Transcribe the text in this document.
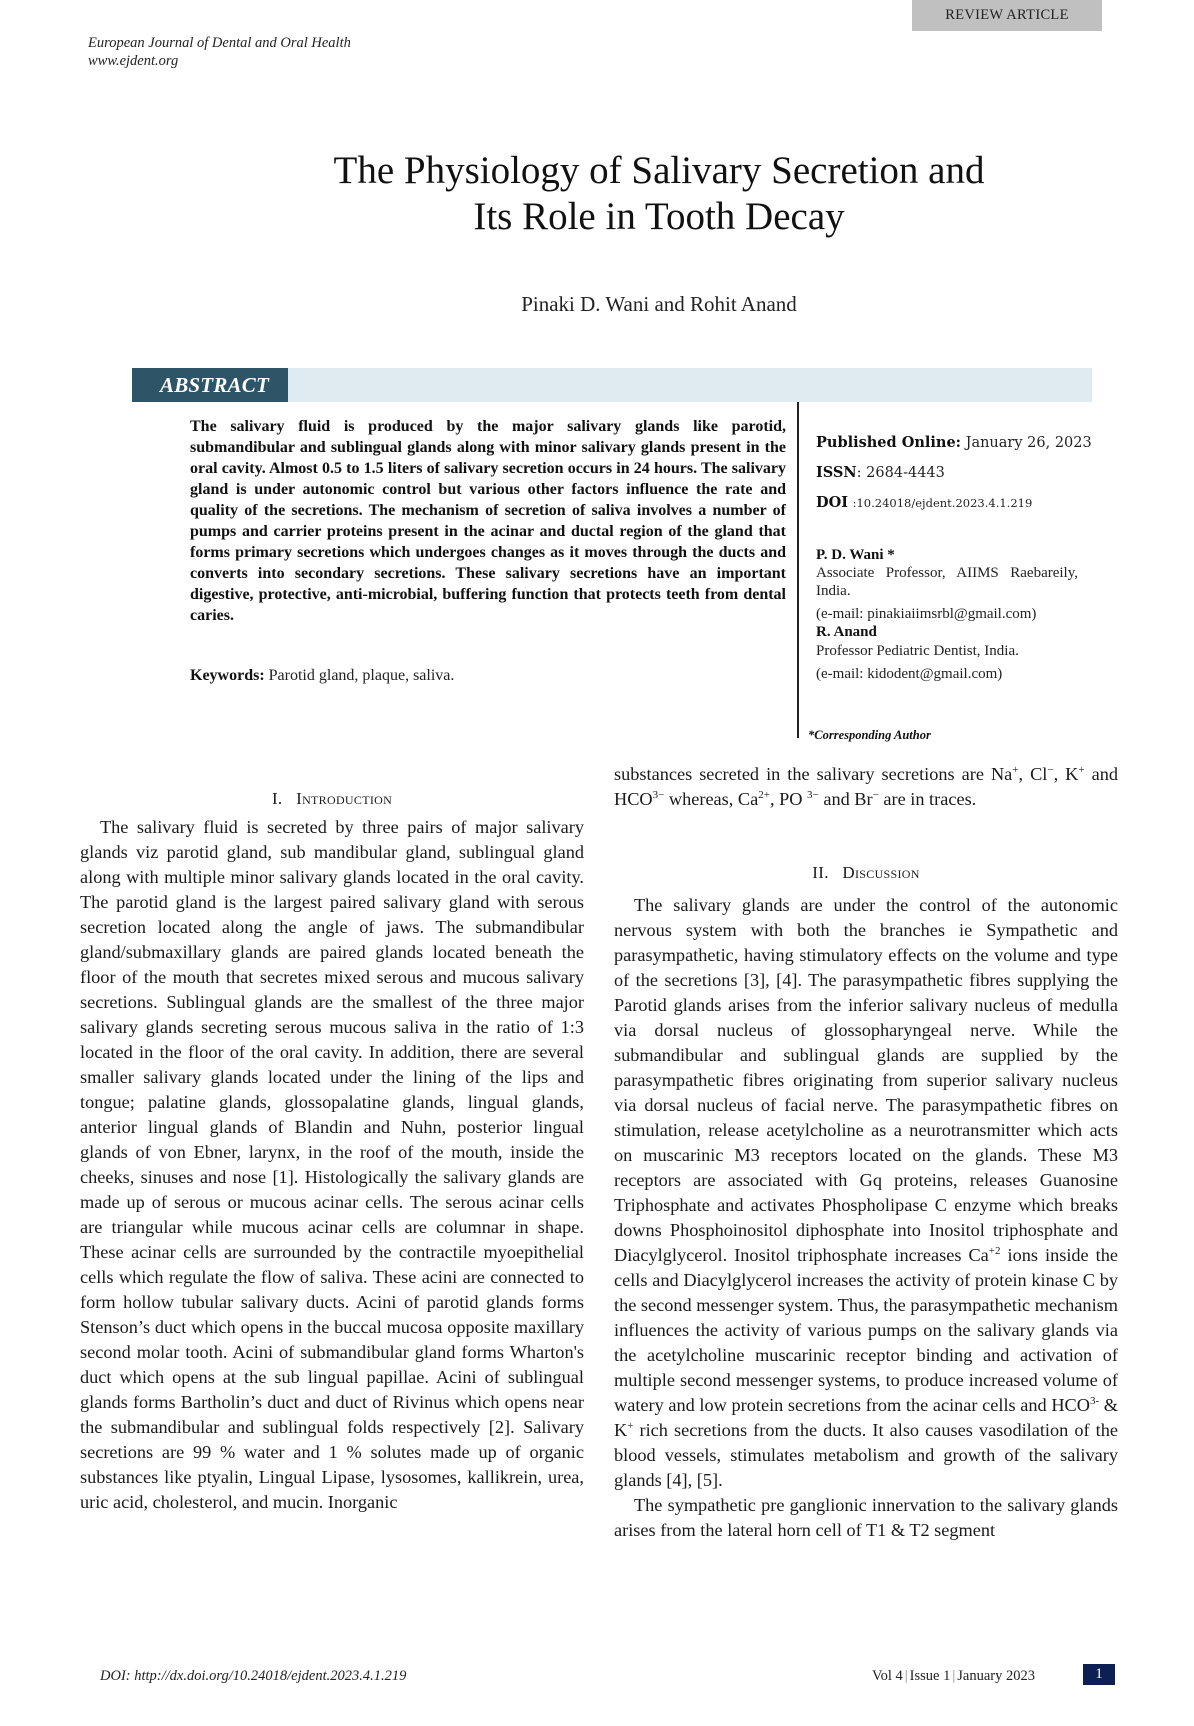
European Journal of Dental and Oral Health
www.ejdent.org
REVIEW ARTICLE
The Physiology of Salivary Secretion and
Its Role in Tooth Decay
Pinaki D. Wani and Rohit Anand
ABSTRACT
The salivary fluid is produced by the major salivary glands like parotid, submandibular and sublingual glands along with minor salivary glands present in the oral cavity. Almost 0.5 to 1.5 liters of salivary secretion occurs in 24 hours. The salivary gland is under autonomic control but various other factors influence the rate and quality of the secretions. The mechanism of secretion of saliva involves a number of pumps and carrier proteins present in the acinar and ductal region of the gland that forms primary secretions which undergoes changes as it moves through the ducts and converts into secondary secretions. These salivary secretions have an important digestive, protective, anti-microbial, buffering function that protects teeth from dental caries.
Keywords: Parotid gland, plaque, saliva.
Published Online: January 26, 2023
ISSN: 2684-4443
DOI :10.24018/ejdent.2023.4.1.219
P. D. Wani *
Associate Professor, AIIMS Raebareily, India.
(e-mail: pinakiaiimsrbl@gmail.com)
R. Anand
Professor Pediatric Dentist, India.
(e-mail: kidodent@gmail.com)
*Corresponding Author
I. Introduction

The salivary fluid is secreted by three pairs of major salivary glands viz parotid gland, sub mandibular gland, sublingual gland along with multiple minor salivary glands located in the oral cavity. The parotid gland is the largest paired salivary gland with serous secretion located along the angle of jaws. The submandibular gland/submaxillary glands are paired glands located beneath the floor of the mouth that secretes mixed serous and mucous salivary secretions. Sublingual glands are the smallest of the three major salivary glands secreting serous mucous saliva in the ratio of 1:3 located in the floor of the oral cavity. In addition, there are several smaller salivary glands located under the lining of the lips and tongue; palatine glands, glossopalatine glands, lingual glands, anterior lingual glands of Blandin and Nuhn, posterior lingual glands of von Ebner, larynx, in the roof of the mouth, inside the cheeks, sinuses and nose [1]. Histologically the salivary glands are made up of serous or mucous acinar cells. The serous acinar cells are triangular while mucous acinar cells are columnar in shape. These acinar cells are surrounded by the contractile myoepithelial cells which regulate the flow of saliva. These acini are connected to form hollow tubular salivary ducts. Acini of parotid glands forms Stenson’s duct which opens in the buccal mucosa opposite maxillary second molar tooth. Acini of submandibular gland forms Wharton's duct which opens at the sub lingual papillae. Acini of sublingual glands forms Bartholin’s duct and duct of Rivinus which opens near the submandibular and sublingual folds respectively [2]. Salivary secretions are 99 % water and 1 % solutes made up of organic substances like ptyalin, Lingual Lipase, lysosomes, kallikrein, urea, uric acid, cholesterol, and mucin. Inorganic

substances secreted in the salivary secretions are Na+, Cl−, K+ and $HCO^{3-}$ whereas, $Ca^{2+}$, PO $^{3-}$ and Br− are in traces.

II. Discussion

The salivary glands are under the control of the autonomic nervous system with both the branches ie Sympathetic and parasympathetic, having stimulatory effects on the volume and type of the secretions [3], [4]. The parasympathetic fibres supplying the Parotid glands arises from the inferior salivary nucleus of medulla via dorsal nucleus of glossopharyngeal nerve. While the submandibular and sublingual glands are supplied by the parasympathetic fibres originating from superior salivary nucleus via dorsal nucleus of facial nerve. The parasympathetic fibres on stimulation, release acetylcholine as a neurotransmitter which acts on muscarinic M3 receptors located on the glands. These M3 receptors are associated with Gq proteins, releases Guanosine Triphosphate and activates Phospholipase C enzyme which breaks downs Phosphoinositol diphosphate into Inositol triphosphate and Diacylglycerol. Inositol triphosphate increases $Ca^{+2}$ ions inside the cells and Diacylglycerol increases the activity of protein kinase C by the second messenger system. Thus, the parasympathetic mechanism influences the activity of various pumps on the salivary glands via the acetylcholine muscarinic receptor binding and activation of multiple second messenger systems, to produce increased volume of watery and low protein secretions from the acinar cells and $HCO^{3-}$ & K+ rich secretions from the ducts. It also causes vasodilation of the blood vessels, stimulates metabolism and growth of the salivary glands [4], [5].

The sympathetic pre ganglionic innervation to the salivary glands arises from the lateral horn cell of T1 & T2 segment

DOI: http://dx.doi.org/10.24018/ejdent.2023.4.1.219	Vol 4 | Issue 1 | January 2023	1
